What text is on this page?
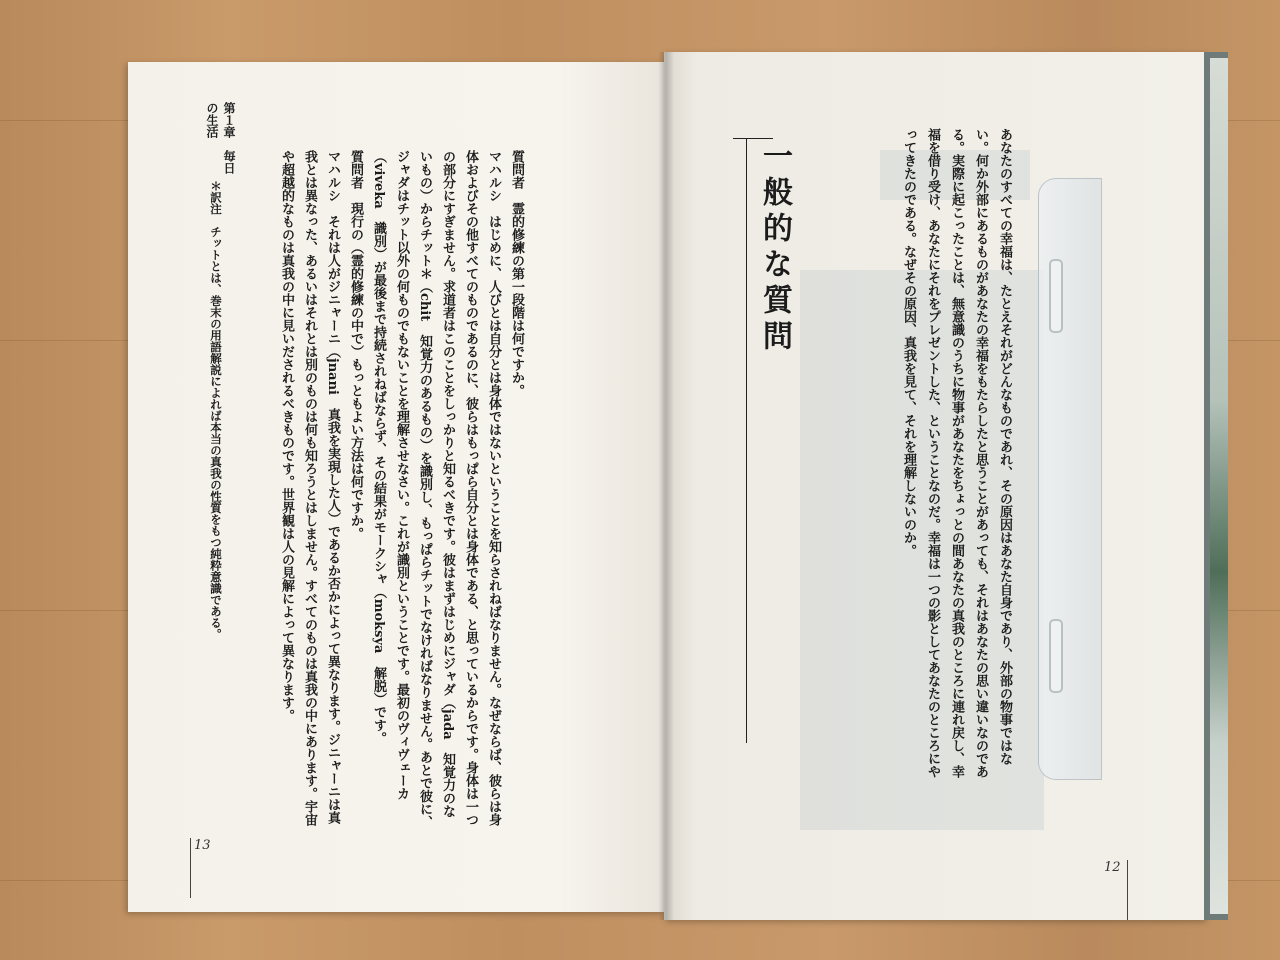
第１章　毎日の生活

質問者　霊的修練の第一段階は何ですか。

マハルシ　はじめに、人びとは自分とは身体ではないということを知らされねばなりません。なぜならば、彼らは身体およびその他すべてのものであるのに、彼らはもっぱら自分とは身体である、と思っているからです。身体は一つの部分にすぎません。求道者はこのことをしっかりと知るべきです。彼はまずはじめにジャダ（jada　知覚力のないもの）からチット＊（chit　知覚力のあるもの）を識別し、もっぱらチットでなければなりません。あとで彼に、ジャダはチット以外の何ものでもないことを理解させなさい。これが識別ということです。最初のヴィヴェーカ（viveka　識別）が最後まで持続されねばならず、その結果がモークシャ（moksya　解脱）です。

質問者　現行の（霊的修練の中で）もっともよい方法は何ですか。

マハルシ　それは人がジニャーニ（jnani　真我を実現した人）であるか否かによって異なります。ジニャーニは真我とは異なった、あるいはそれとは別のものは何も知ろうとはしません。すべてのものは真我の中にあります。宇宙や超越的なものは真我の中に見いだされるべきものです。世界観は人の見解によって異なります。

＊訳注　チットとは、巻末の用語解説によれば本当の真我の性質をもつ純粋意識である。
13
一般的な質問	あなたのすべての幸福は、たとえそれがどんなものであれ、その原因はあなた自身であり、外部の物事ではない。何か外部にあるものがあなたの幸福をもたらしたと思うことがあっても、それはあなたの思い違いなのである。実際に起こったことは、無意識のうちに物事があなたをちょっとの間あなたの真我のところに連れ戻し、幸福を借り受け、あなたにそれをプレゼントした、ということなのだ。幸福は一つの影としてあなたのところにやってきたのである。なぜその原因、真我を見て、それを理解しないのか。

12
